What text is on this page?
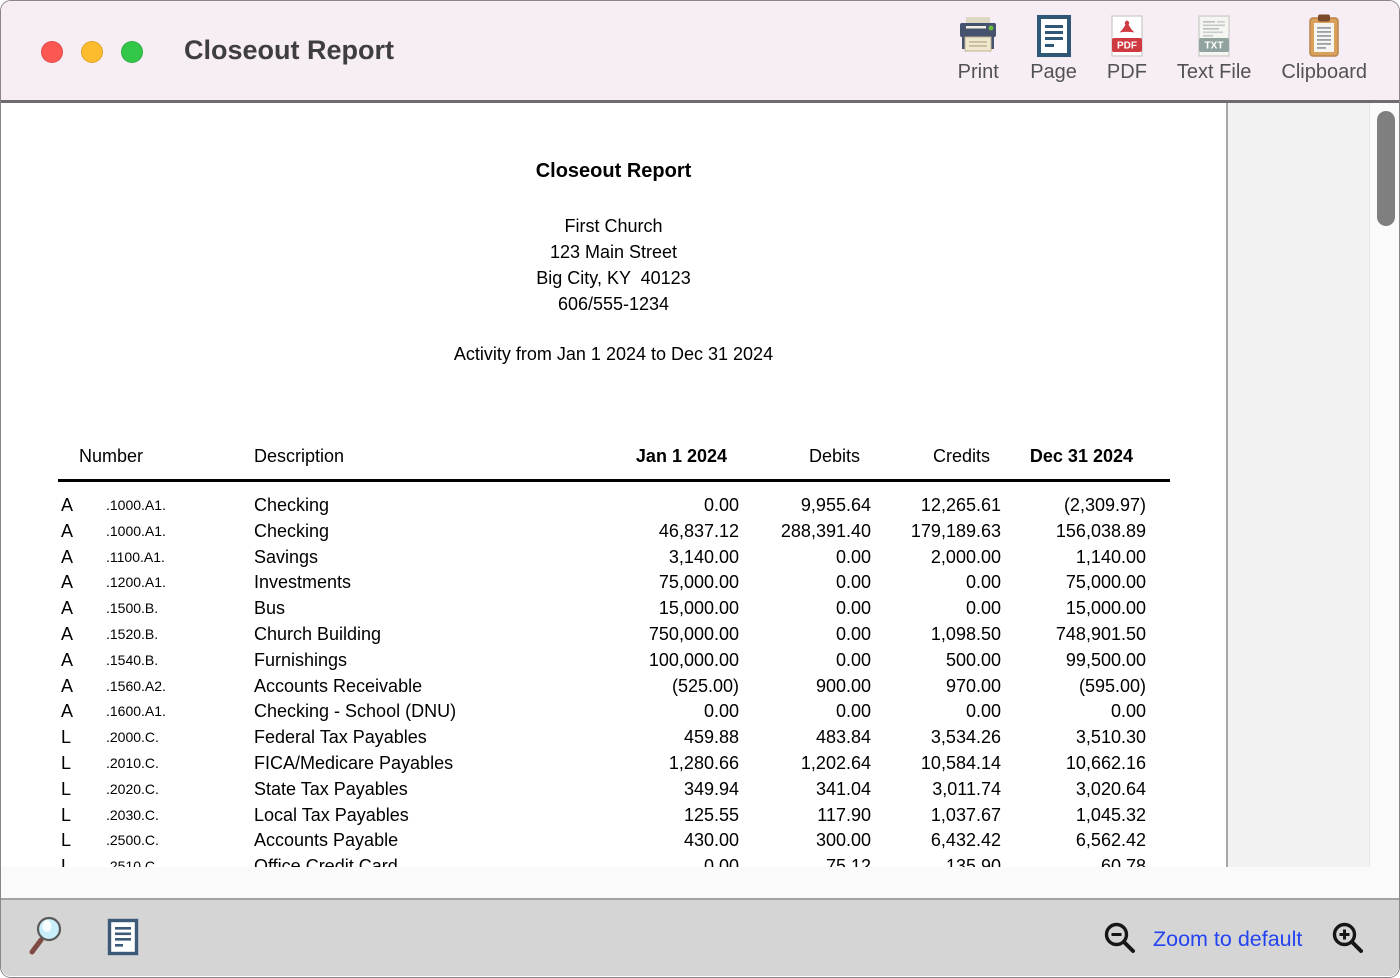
Closeout Report
Print Page
PDF
PDF
TXT
Text File Clipboard
Closeout Report
First Church
123 Main Street
Big City, KY  40123
606/555-1234
Activity from Jan 1 2024 to Dec 31 2024
Number	Description	Jan 1 2024	Debits	Credits	Dec 31 2024
A .1000.A1.	Checking	0.00	9,955.64	12,265.61	(2,309.97)
A .1000.A1.	Checking	46,837.12	288,391.40	179,189.63	156,038.89
A .1100.A1.	Savings	3,140.00	0.00	2,000.00	1,140.00
A .1200.A1.	Investments	75,000.00	0.00	0.00	75,000.00
A .1500.B.	Bus	15,000.00	0.00	0.00	15,000.00
A .1520.B.	Church Building	750,000.00	0.00	1,098.50	748,901.50
A .1540.B.	Furnishings	100,000.00	0.00	500.00	99,500.00
A .1560.A2.	Accounts Receivable	(525.00)	900.00	970.00	(595.00)
A .1600.A1.	Checking - School (DNU)	0.00	0.00	0.00	0.00
L .2000.C.	Federal Tax Payables	459.88	483.84	3,534.26	3,510.30
L .2010.C.	FICA/Medicare Payables	1,280.66	1,202.64	10,584.14	10,662.16
L .2020.C.	State Tax Payables	349.94	341.04	3,011.74	3,020.64
L .2030.C.	Local Tax Payables	125.55	117.90	1,037.67	1,045.32
L .2500.C.	Accounts Payable	430.00	300.00	6,432.42	6,562.42
Zoom to default
